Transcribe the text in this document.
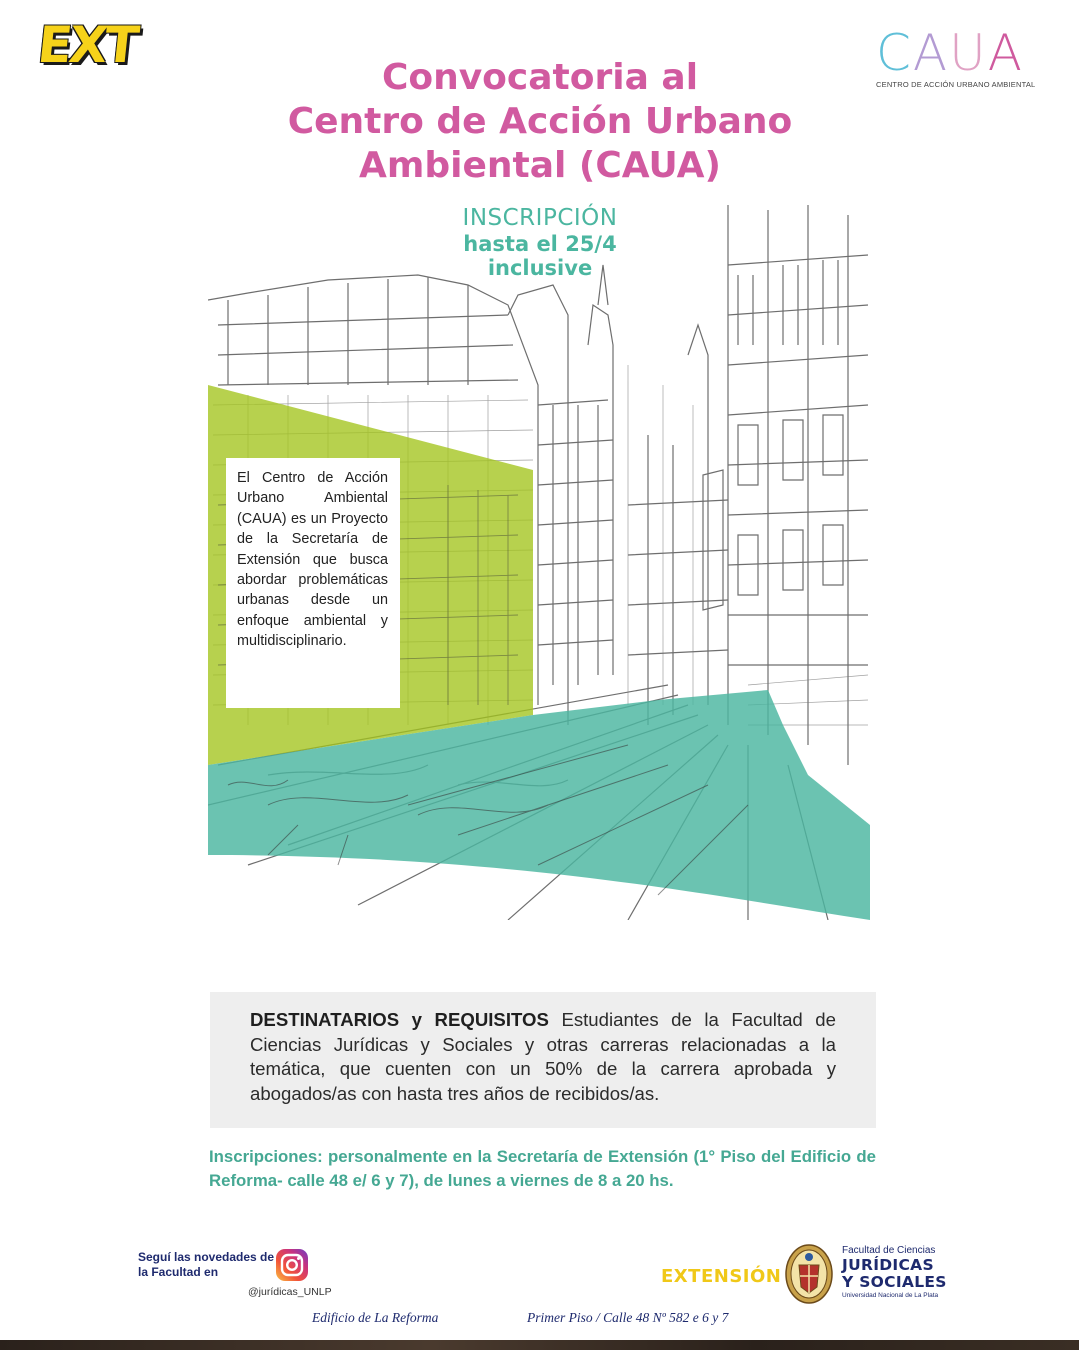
EXT	CAUA
CENTRO DE ACCIÓN URBANO AMBIENTAL
Convocatoria al
Centro de Acción Urbano
Ambiental (CAUA)
INSCRIPCIÓN
hasta el 25/4
inclusive
El Centro de Acción Urbano Ambiental (CAUA) es un Proyecto de la Secretaría de Extensión que busca abordar problemáticas urbanas desde un enfoque ambiental y multidisciplinario.
DESTINATARIOS y REQUISITOS Estudiantes de la Facultad de Ciencias Jurídicas y Sociales y otras carreras relacionadas a la temática, que cuenten con un 50% de la carrera aprobada y abogados/as con hasta tres años de recibidos/as.
Inscripciones: personalmente en la Secretaría de Extensión (1° Piso del Edificio de Reforma- calle 48 e/ 6 y 7), de lunes a viernes de 8 a 20 hs.
Seguí las novedades de la Facultad en
@jurídicas_UNLP
EXTENSIÓN
Facultad de Ciencias
JURÍDICAS
Y SOCIALES
Universidad Nacional de La Plata
Edificio de La Reforma	Primer Piso / Calle 48 Nº 582 e 6 y 7
